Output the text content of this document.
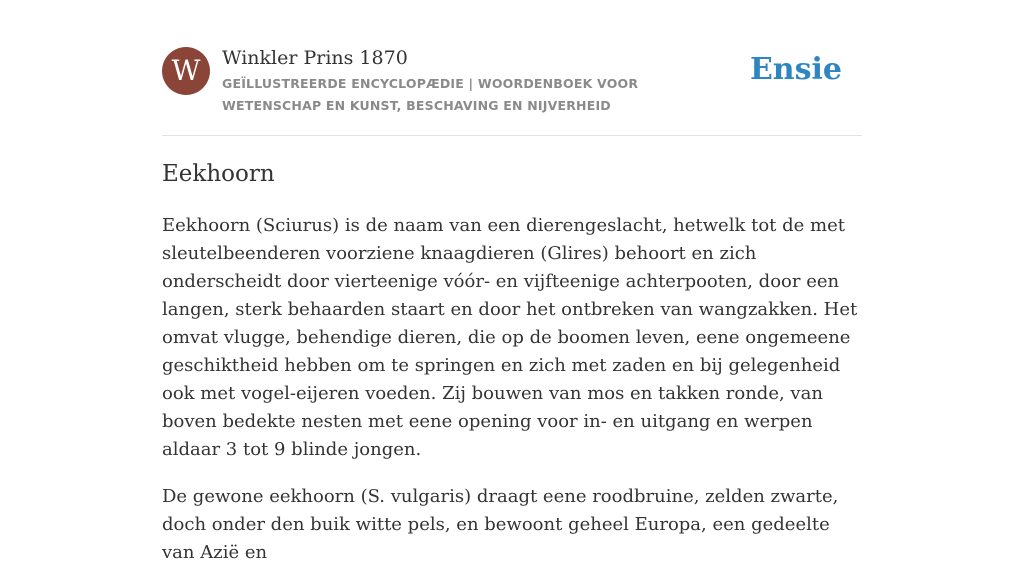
W	Winkler Prins 1870
GEÏLLUSTREERDE ENCYCLOPÆDIE | WOORDENBOEK VOOR WETENSCHAP EN KUNST, BESCHAVING EN NIJVERHEID
Ensie
Eekhoorn

Eekhoorn (Sciurus) is de naam van een dierengeslacht, hetwelk tot de met sleutelbeenderen voorziene knaagdieren (Glires) behoort en zich onderscheidt door vierteenige vóór- en vijfteenige achterpooten, door een langen, sterk behaarden staart en door het ontbreken van wangzakken. Het omvat vlugge, behendige dieren, die op de boomen leven, eene ongemeene geschiktheid hebben om te springen en zich met zaden en bij gelegenheid ook met vogel-eijeren voeden. Zij bouwen van mos en takken ronde, van boven bedekte nesten met eene opening voor in- en uitgang en werpen aldaar 3 tot 9 blinde jongen.

De gewone eekhoorn (S. vulgaris) draagt eene roodbruine, zelden zwarte, doch onder den buik witte pels, en bewoont geheel Europa, een gedeelte van Azië en
